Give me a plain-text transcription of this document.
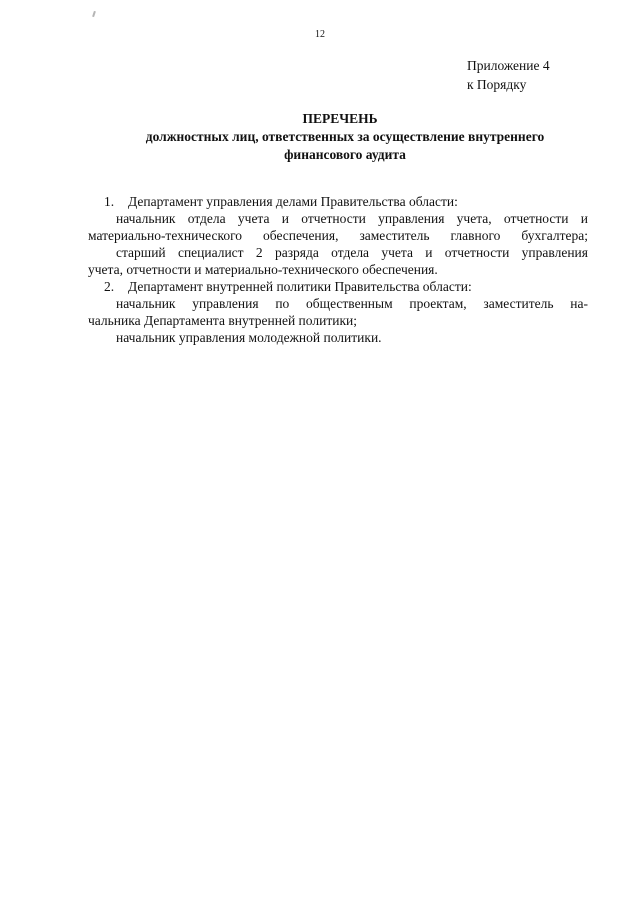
12
Приложение 4
к Порядку
ПЕРЕЧЕНЬ
должностных лиц, ответственных за осуществление внутреннего
финансового аудита
1. Департамент управления делами Правительства области:
начальник отдела учета и отчетности управления учета, отчетности и
материально-технического обеспечения, заместитель главного бухгалтера;
старший специалист 2 разряда отдела учета и отчетности управления
учета, отчетности и материально-технического обеспечения.
2. Департамент внутренней политики Правительства области:
начальник управления по общественным проектам, заместитель на-
чальника Департамента внутренней политики;
начальник управления молодежной политики.
